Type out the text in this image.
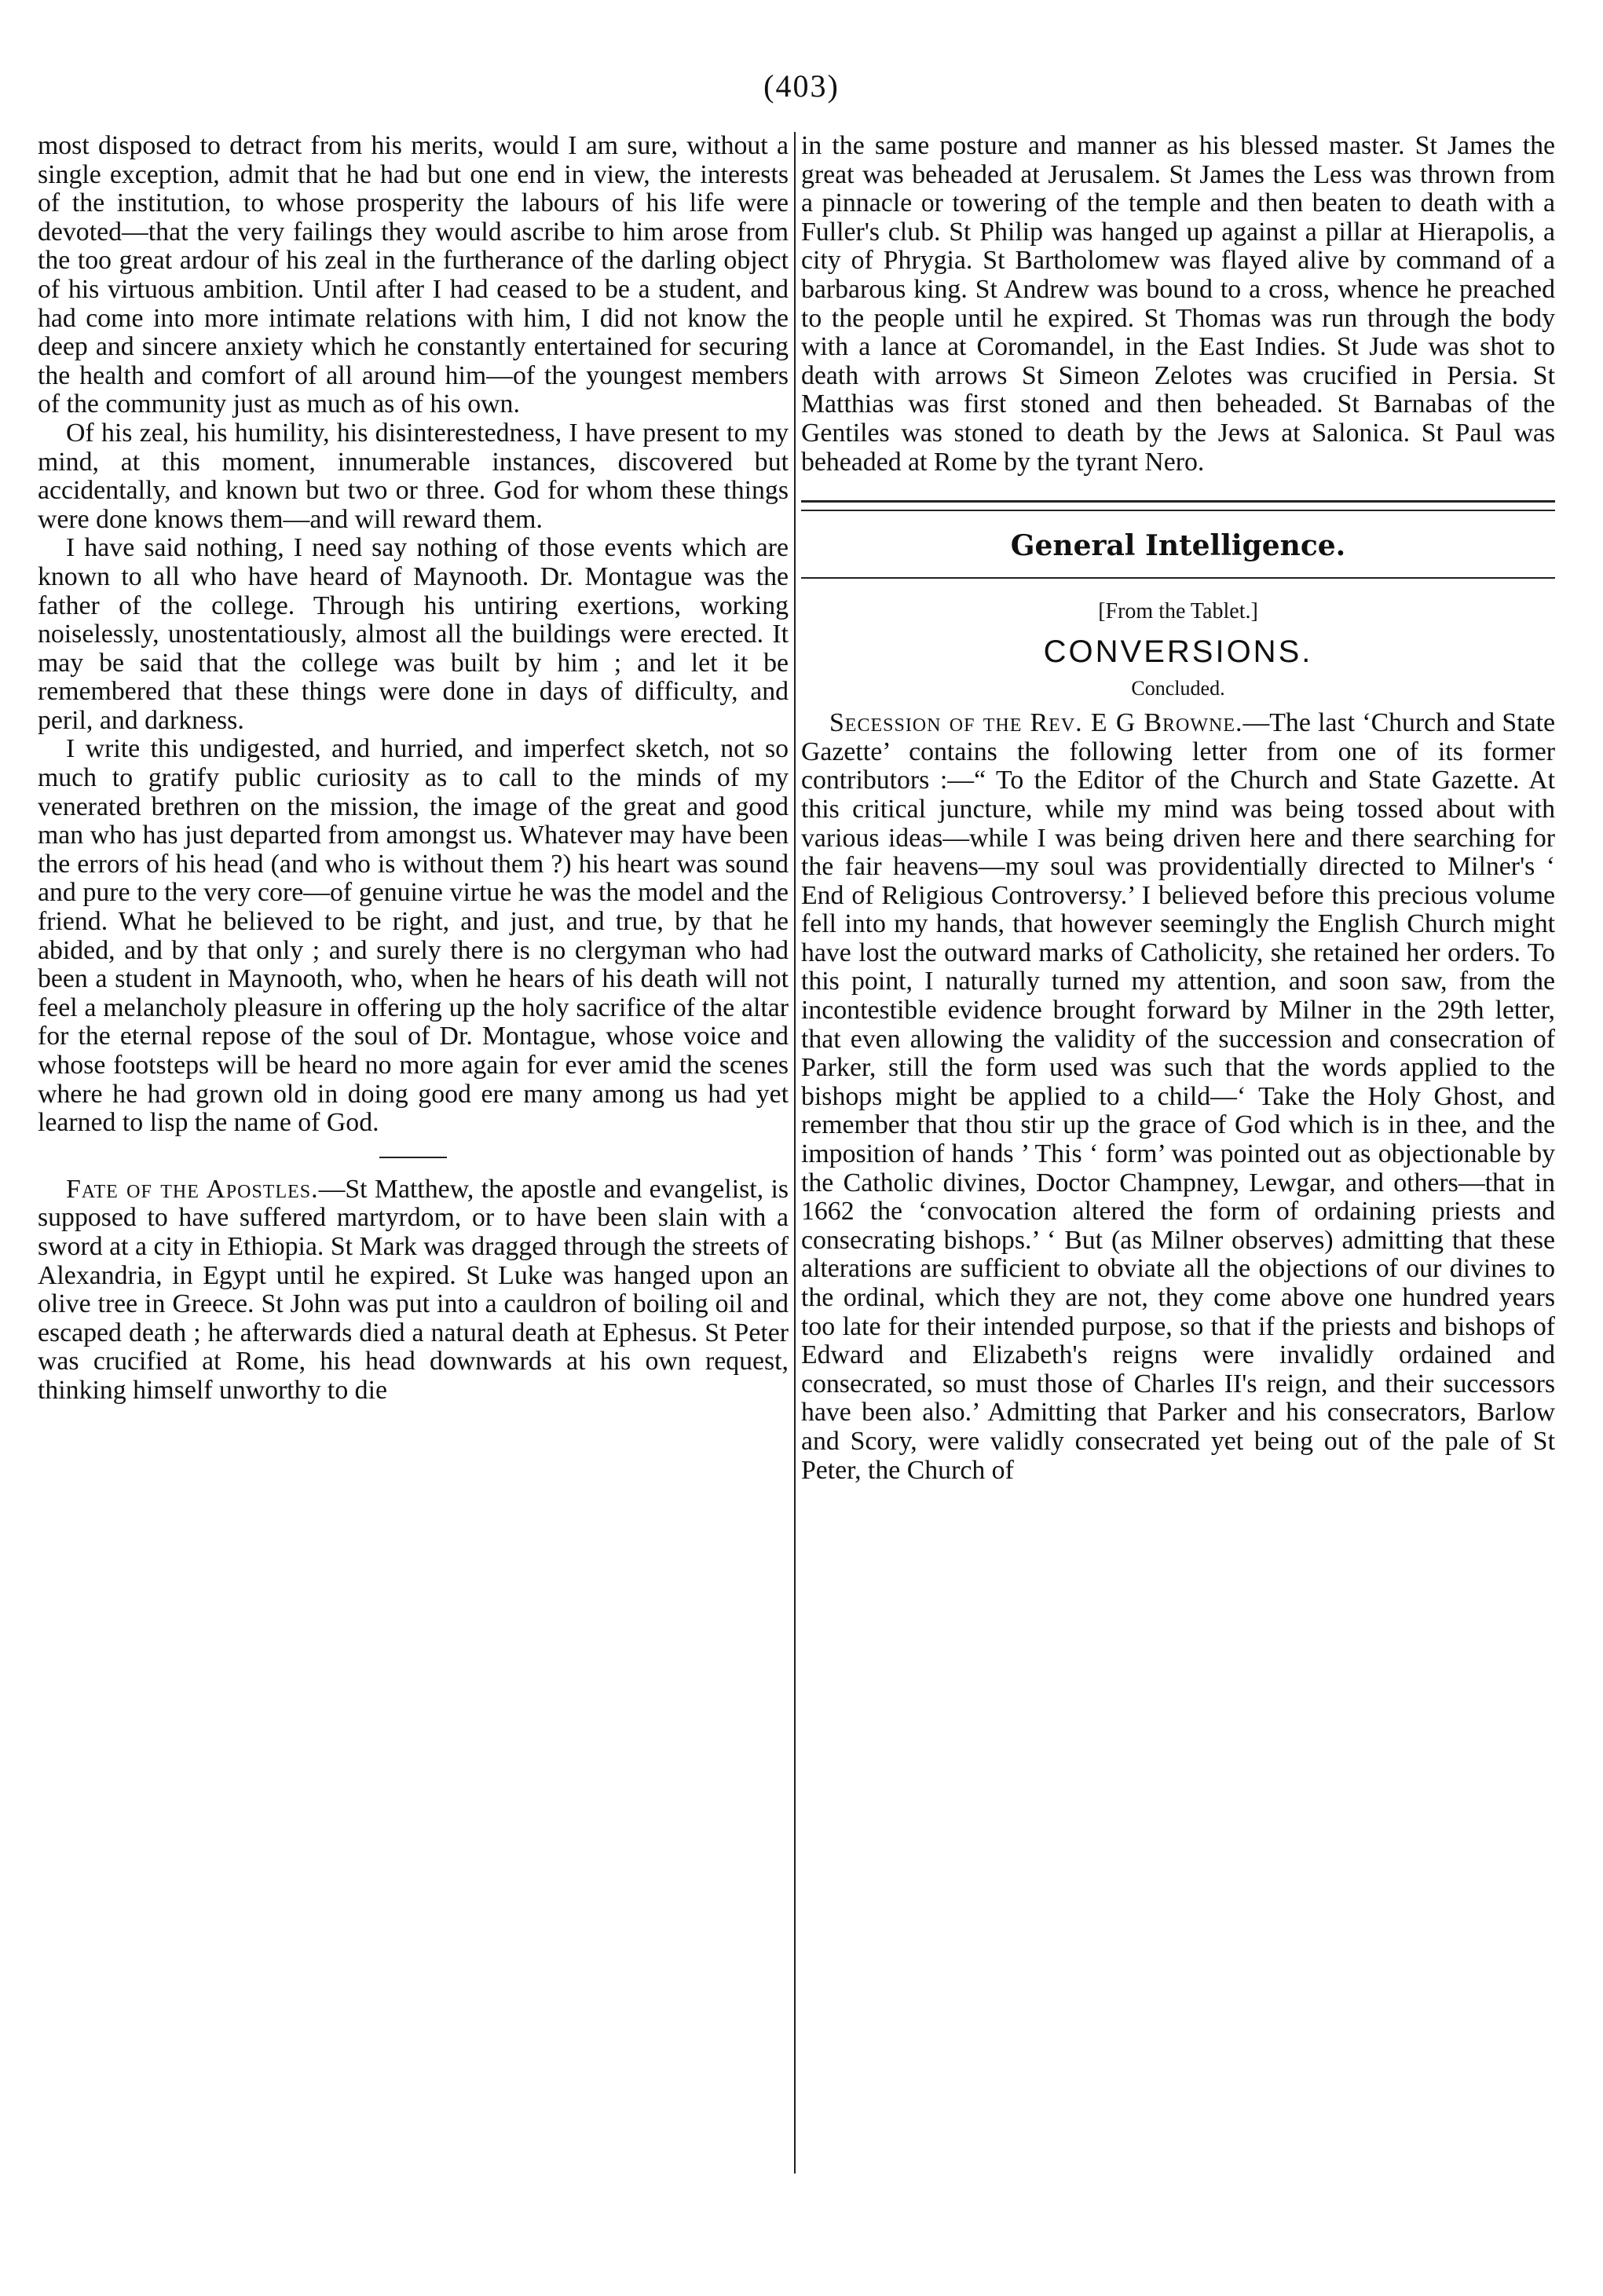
(403)

most disposed to detract from his merits, would I am sure, without a single exception, admit that he had but one end in view, the interests of the institution, to whose prosperity the labours of his life were devoted—that the very failings they would ascribe to him arose from the too great ardour of his zeal in the furtherance of the darling object of his virtuous ambition. Until after I had ceased to be a student, and had come into more intimate relations with him, I did not know the deep and sincere anxiety which he constantly entertained for securing the health and comfort of all around him—of the youngest members of the community just as much as of his own.

Of his zeal, his humility, his disinterestedness, I have present to my mind, at this moment, innumerable instances, discovered but accidentally, and known but two or three. God for whom these things were done knows them—and will reward them.

I have said nothing, I need say nothing of those events which are known to all who have heard of Maynooth. Dr. Montague was the father of the college. Through his untiring exertions, working noiselessly, unostentatiously, almost all the buildings were erected. It may be said that the college was built by him ; and let it be remembered that these things were done in days of difficulty, and peril, and darkness.

I write this undigested, and hurried, and imperfect sketch, not so much to gratify public curiosity as to call to the minds of my venerated brethren on the mission, the image of the great and good man who has just departed from amongst us. Whatever may have been the errors of his head (and who is without them ?) his heart was sound and pure to the very core—of genuine virtue he was the model and the friend. What he believed to be right, and just, and true, by that he abided, and by that only ; and surely there is no clergyman who had been a student in Maynooth, who, when he hears of his death will not feel a melancholy pleasure in offering up the holy sacrifice of the altar for the eternal repose of the soul of Dr. Montague, whose voice and whose footsteps will be heard no more again for ever amid the scenes where he had grown old in doing good ere many among us had yet learned to lisp the name of God.

Fate of the Apostles.—St Matthew, the apostle and evangelist, is supposed to have suffered martyrdom, or to have been slain with a sword at a city in Ethiopia. St Mark was dragged through the streets of Alexandria, in Egypt until he expired. St Luke was hanged upon an olive tree in Greece. St John was put into a cauldron of boiling oil and escaped death ; he afterwards died a natural death at Ephesus. St Peter was crucified at Rome, his head downwards at his own request, thinking himself unworthy to die

in the same posture and manner as his blessed master. St James the great was beheaded at Jerusalem. St James the Less was thrown from a pinnacle or towering of the temple and then beaten to death with a Fuller's club. St Philip was hanged up against a pillar at Hierapolis, a city of Phrygia. St Bartholomew was flayed alive by command of a barbarous king. St Andrew was bound to a cross, whence he preached to the people until he expired. St Thomas was run through the body with a lance at Coromandel, in the East Indies. St Jude was shot to death with arrows St Simeon Zelotes was crucified in Persia. St Matthias was first stoned and then beheaded. St Barnabas of the Gentiles was stoned to death by the Jews at Salonica. St Paul was beheaded at Rome by the tyrant Nero.

General Intelligence.
[From the Tablet.]
CONVERSIONS.
Concluded.

Secession of the Rev. E G Browne.—The last ‘Church and State Gazette’ contains the following letter from one of its former contributors :—“ To the Editor of the Church and State Gazette. At this critical juncture, while my mind was being tossed about with various ideas—while I was being driven here and there searching for the fair heavens—my soul was providentially directed to Milner's ‘ End of Religious Controversy.’ I believed before this precious volume fell into my hands, that however seemingly the English Church might have lost the outward marks of Catholicity, she retained her orders. To this point, I naturally turned my attention, and soon saw, from the incontestible evidence brought forward by Milner in the 29th letter, that even allowing the validity of the succession and consecration of Parker, still the form used was such that the words applied to the bishops might be applied to a child—‘ Take the Holy Ghost, and remember that thou stir up the grace of God which is in thee, and the imposition of hands ’ This ‘ form’ was pointed out as objectionable by the Catholic divines, Doctor Champney, Lewgar, and others—that in 1662 the ‘convocation altered the form of ordaining priests and consecrating bishops.’ ‘ But (as Milner observes) admitting that these alterations are sufficient to obviate all the objections of our divines to the ordinal, which they are not, they come above one hundred years too late for their intended purpose, so that if the priests and bishops of Edward and Elizabeth's reigns were invalidly ordained and consecrated, so must those of Charles II's reign, and their successors have been also.’ Admitting that Parker and his consecrators, Barlow and Scory, were validly consecrated yet being out of the pale of St Peter, the Church of
